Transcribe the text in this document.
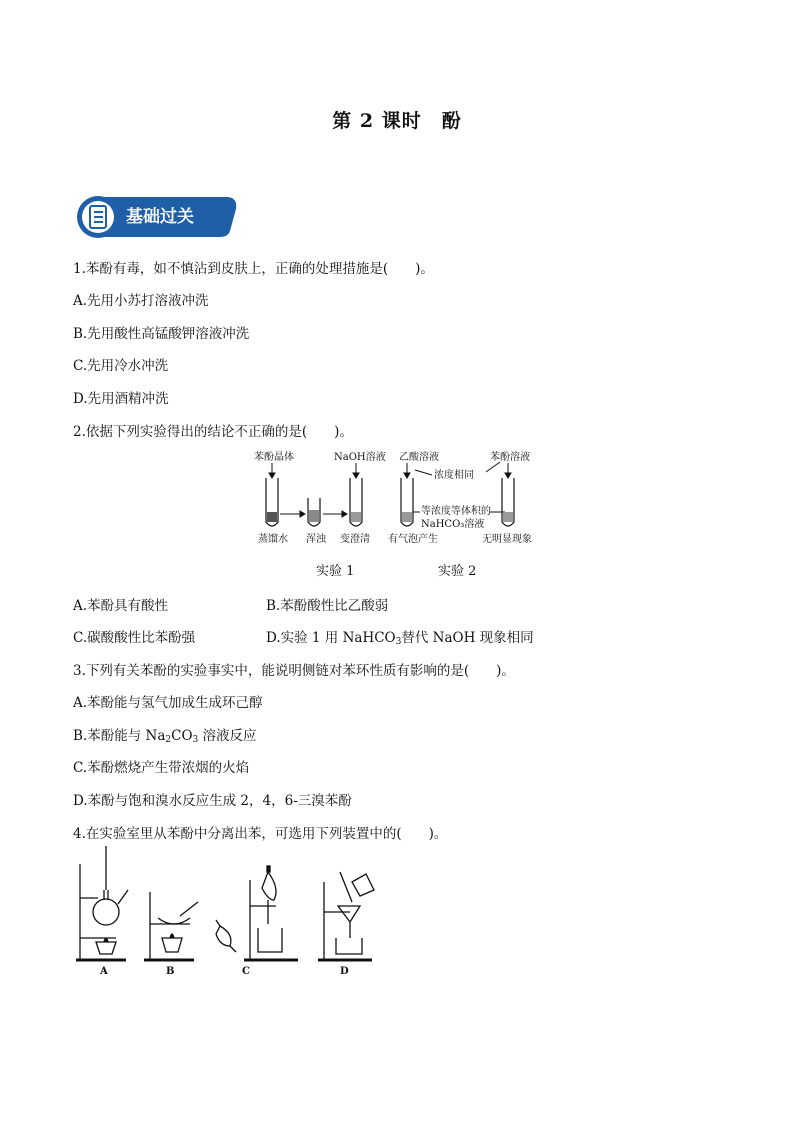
第 2 课时　酚
基础过关
1.苯酚有毒，如不慎沾到皮肤上，正确的处理措施是(　　)。
A.先用小苏打溶液冲洗
B.先用酸性高锰酸钾溶液冲洗
C.先用冷水冲洗
D.先用酒精冲洗
2.依据下列实验得出的结论不正确的是(　　)。
苯酚晶体	NaOH溶液 乙酸溶液	苯酚溶液
浓度相同
等浓度等体积的
NaHCO₃溶液
蒸馏水 浑浊 变澄清 有气泡产生	无明显现象
实验 1	实验 2
A.苯酚具有酸性	B.苯酚酸性比乙酸弱
C.碳酸酸性比苯酚强	D.实验 1 用 NaHCO$_3$替代 NaOH 现象相同
3.下列有关苯酚的实验事实中，能说明侧链对苯环性质有影响的是(　　)。
A.苯酚能与氢气加成生成环己醇
B.苯酚能与 $Na_2CO_3$ 溶液反应
C.苯酚燃烧产生带浓烟的火焰
D.苯酚与饱和溴水反应生成 2，4，6-三溴苯酚
4.在实验室里从苯酚中分离出苯，可选用下列装置中的(　　)。
A	B	C	D
